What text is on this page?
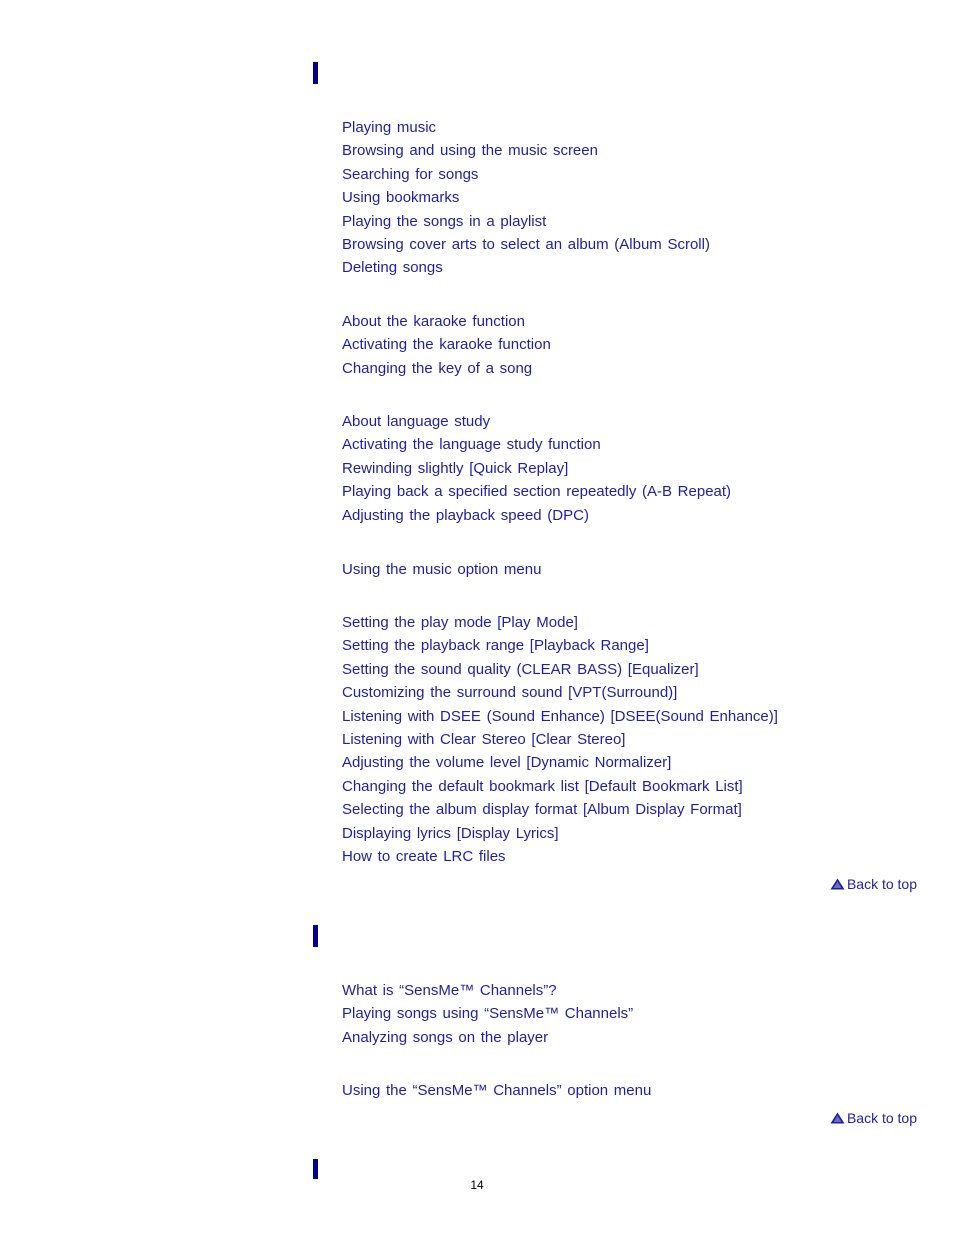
Playing music
Browsing and using the music screen
Searching for songs
Using bookmarks
Playing the songs in a playlist
Browsing cover arts to select an album (Album Scroll)
Deleting songs
About the karaoke function
Activating the karaoke function
Changing the key of a song
About language study
Activating the language study function
Rewinding slightly [Quick Replay]
Playing back a specified section repeatedly (A-B Repeat)
Adjusting the playback speed (DPC)
Using the music option menu
Setting the play mode [Play Mode]
Setting the playback range [Playback Range]
Setting the sound quality (CLEAR BASS) [Equalizer]
Customizing the surround sound [VPT(Surround)]
Listening with DSEE (Sound Enhance) [DSEE(Sound Enhance)]
Listening with Clear Stereo [Clear Stereo]
Adjusting the volume level [Dynamic Normalizer]
Changing the default bookmark list [Default Bookmark List]
Selecting the album display format [Album Display Format]
Displaying lyrics [Display Lyrics]
How to create LRC files
Back to top
What is “SensMe™ Channels”?
Playing songs using “SensMe™ Channels”
Analyzing songs on the player
Using the “SensMe™ Channels” option menu
Back to top
14
